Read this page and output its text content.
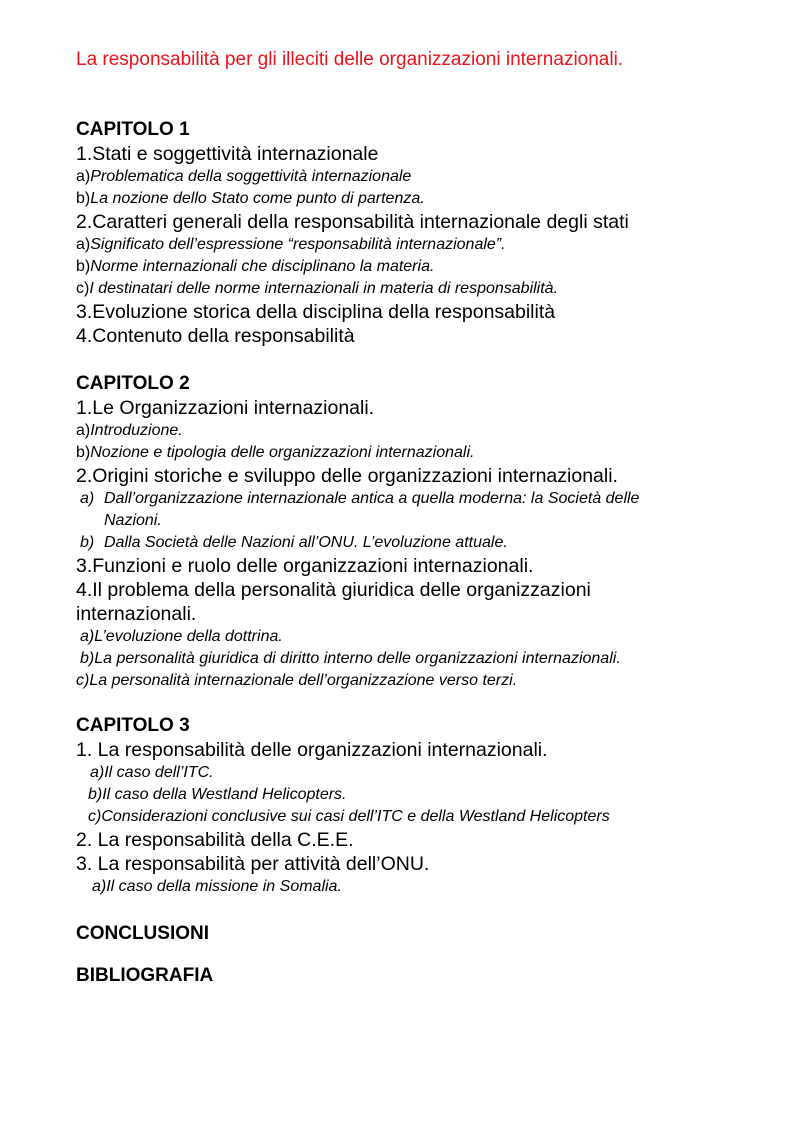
La responsabilità per gli illeciti delle organizzazioni internazionali.

CAPITOLO 1

1.Stati e soggettività internazionale

a)Problematica della soggettività internazionale

b)La nozione dello Stato come punto di partenza.

2.Caratteri generali della responsabilità internazionale degli stati

a)Significato dell’espressione “responsabilità internazionale”.

b)Norme internazionali che disciplinano la materia.

c)I destinatari delle norme internazionali in materia di responsabilità.

3.Evoluzione storica della disciplina della responsabilità

4.Contenuto della responsabilità

CAPITOLO 2

1.Le Organizzazioni internazionali.

a)Introduzione.

b)Nozione e tipologia delle organizzazioni internazionali.

2.Origini storiche e sviluppo delle organizzazioni internazionali.

a) Dall’organizzazione internazionale antica a quella moderna: la Società delle Nazioni.
b) Dalla Società delle Nazioni all’ONU. L’evoluzione attuale.

3.Funzioni e ruolo delle organizzazioni internazionali.

4.Il problema della personalità giuridica delle organizzazioni internazionali.

a)L’evoluzione della dottrina.

b)La personalità giuridica di diritto interno delle organizzazioni internazionali.

c)La personalità internazionale dell’organizzazione verso terzi.

CAPITOLO 3

1. La responsabilità delle organizzazioni internazionali.

a)Il caso dell’ITC.

b)Il caso della Westland Helicopters.

c)Considerazioni conclusive sui casi dell’ITC e della Westland Helicopters

2. La responsabilità della C.E.E.

3. La responsabilità per attività dell’ONU.

a)Il caso della missione in Somalia.

CONCLUSIONI

BIBLIOGRAFIA
